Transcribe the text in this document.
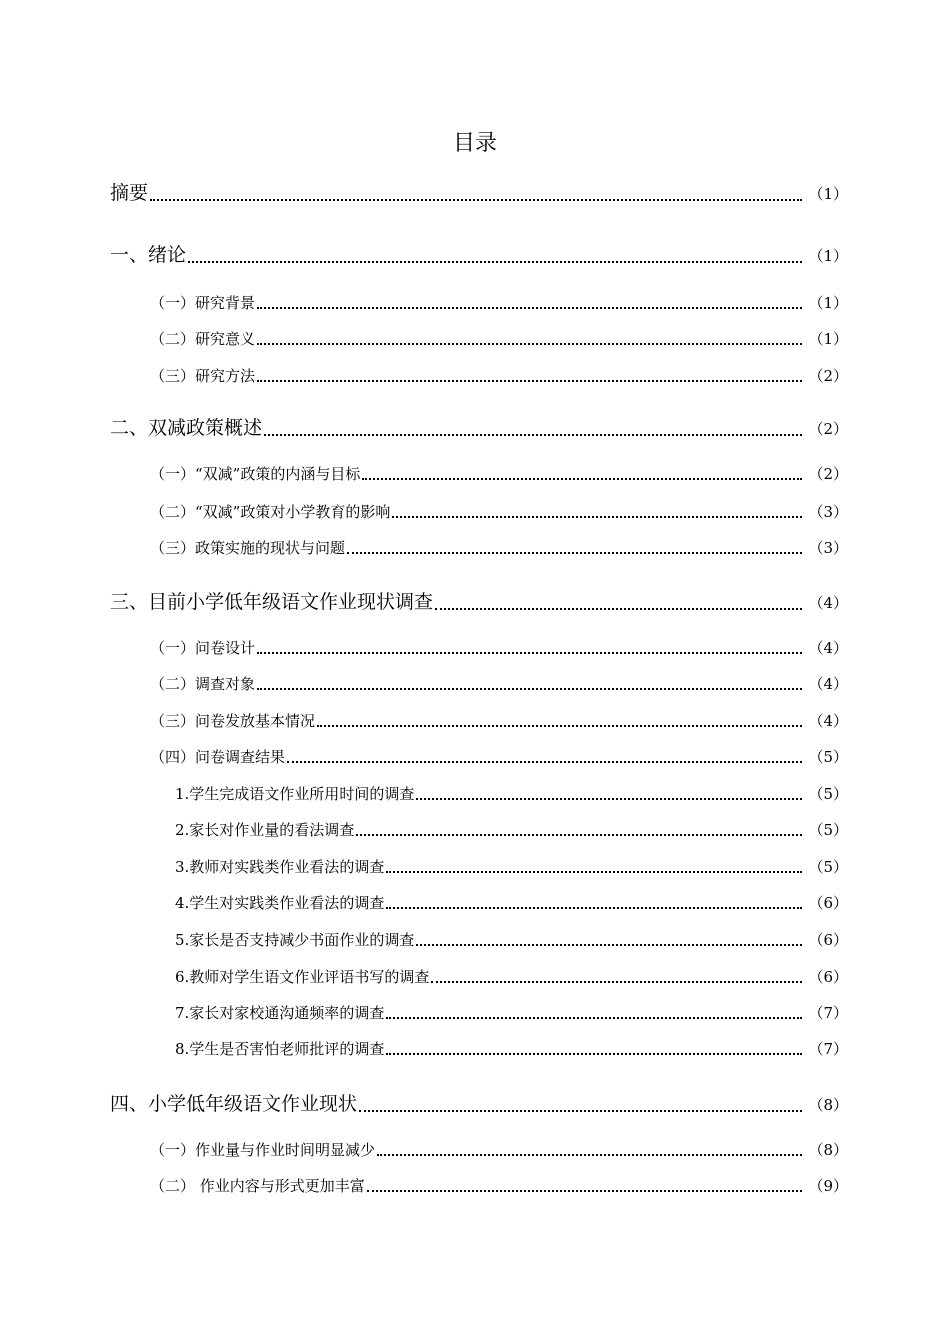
目录
摘要	（1）
一、绪论	（1）
（一）研究背景	（1）
（二）研究意义	（1）
（三）研究方法	（2）
二、双减政策概述	（2）
（一）“双减”政策的内涵与目标	（2）
（二）“双减”政策对小学教育的影响	（3）
（三）政策实施的现状与问题	（3）
三、目前小学低年级语文作业现状调查	（4）
（一）问卷设计	（4）
（二）调查对象	（4）
（三）问卷发放基本情况	（4）
（四）问卷调查结果	（5）
1.学生完成语文作业所用时间的调查	（5）
2.家长对作业量的看法调查	（5）
3.教师对实践类作业看法的调查	（5）
4.学生对实践类作业看法的调查	（6）
5.家长是否支持减少书面作业的调查	（6）
6.教师对学生语文作业评语书写的调查	（6）
7.家长对家校通沟通频率的调查	（7）
8.学生是否害怕老师批评的调查	（7）
四、小学低年级语文作业现状	（8）
（一）作业量与作业时间明显减少	（8）
（二） 作业内容与形式更加丰富	（9）
